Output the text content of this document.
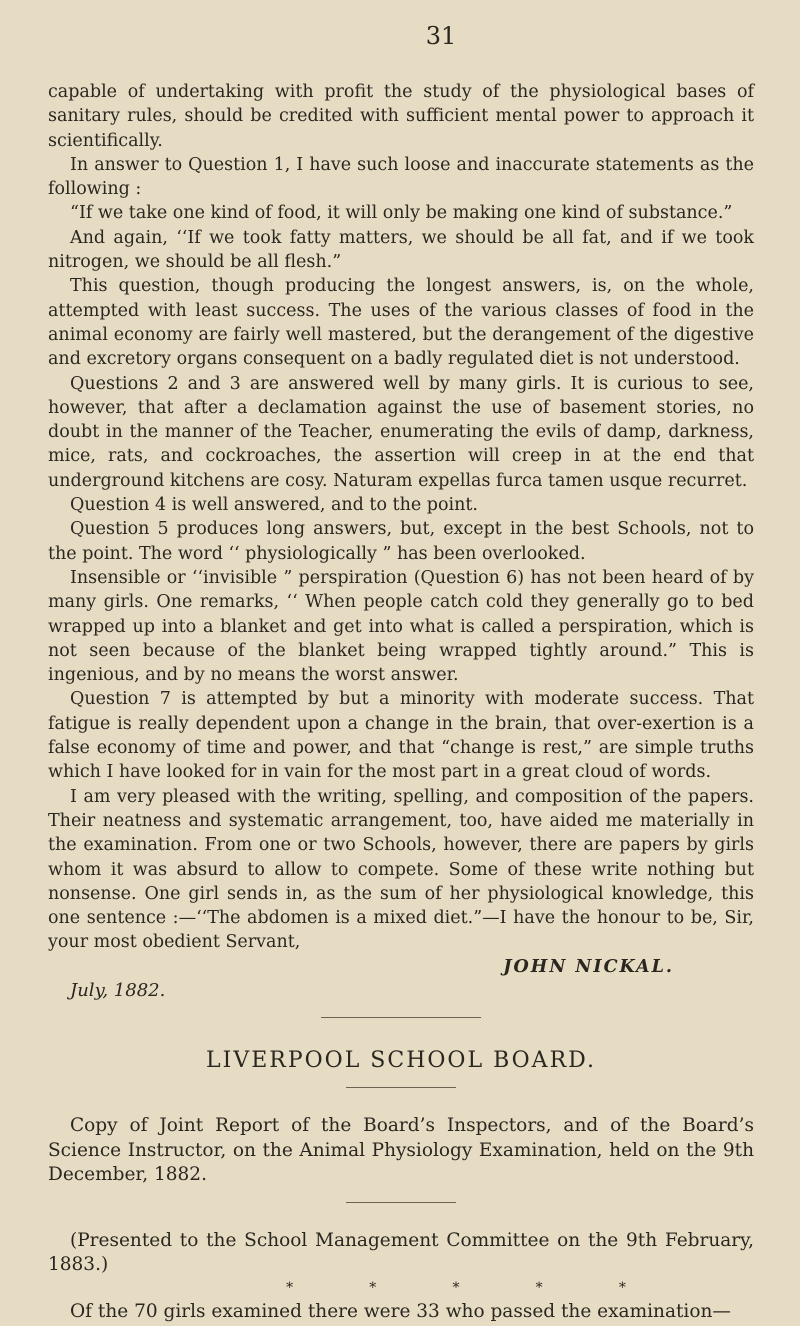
31

capable of undertaking with profit the study of the physiological bases of sanitary rules, should be credited with sufficient mental power to approach it scientifically.

In answer to Question 1, I have such loose and inaccurate statements as the following :

“If we take one kind of food, it will only be making one kind of substance.”

And again, ‘‘If we took fatty matters, we should be all fat, and if we took nitrogen, we should be all flesh.”

This question, though producing the longest answers, is, on the whole, attempted with least success. The uses of the various classes of food in the animal economy are fairly well mastered, but the derangement of the digestive and excretory organs consequent on a badly regulated diet is not understood.

Questions 2 and 3 are answered well by many girls. It is curious to see, however, that after a declamation against the use of basement stories, no doubt in the manner of the Teacher, enumerating the evils of damp, darkness, mice, rats, and cockroaches, the assertion will creep in at the end that underground kitchens are cosy. Naturam expellas furca tamen usque recurret.

Question 4 is well answered, and to the point.

Question 5 produces long answers, but, except in the best Schools, not to the point. The word ‘‘ physiologically ” has been overlooked.

Insensible or ‘‘invisible ” perspiration (Question 6) has not been heard of by many girls. One remarks, ‘‘ When people catch cold they generally go to bed wrapped up into a blanket and get into what is called a perspiration, which is not seen because of the blanket being wrapped tightly around.” This is ingenious, and by no means the worst answer.

Question 7 is attempted by but a minority with moderate success. That fatigue is really dependent upon a change in the brain, that over-exertion is a false economy of time and power, and that “change is rest,” are simple truths which I have looked for in vain for the most part in a great cloud of words.

I am very pleased with the writing, spelling, and composition of the papers. Their neatness and systematic arrangement, too, have aided me materially in the examination. From one or two Schools, however, there are papers by girls whom it was absurd to allow to compete. Some of these write nothing but nonsense. One girl sends in, as the sum of her physiological knowledge, this one sentence :—‘‘The abdomen is a mixed diet.”—I have the honour to be, Sir, your most obedient Servant,

JOHN NICKAL.

July, 1882.

LIVERPOOL SCHOOL BOARD.

Copy of Joint Report of the Board’s Inspectors, and of the Board’s Science Instructor, on the Animal Physiology Examination, held on the 9th December, 1882.

(Presented to the School Management Committee on the 9th February, 1883.)

*	*	*	*	*

Of the 70 girls examined there were 33 who passed the examination—
